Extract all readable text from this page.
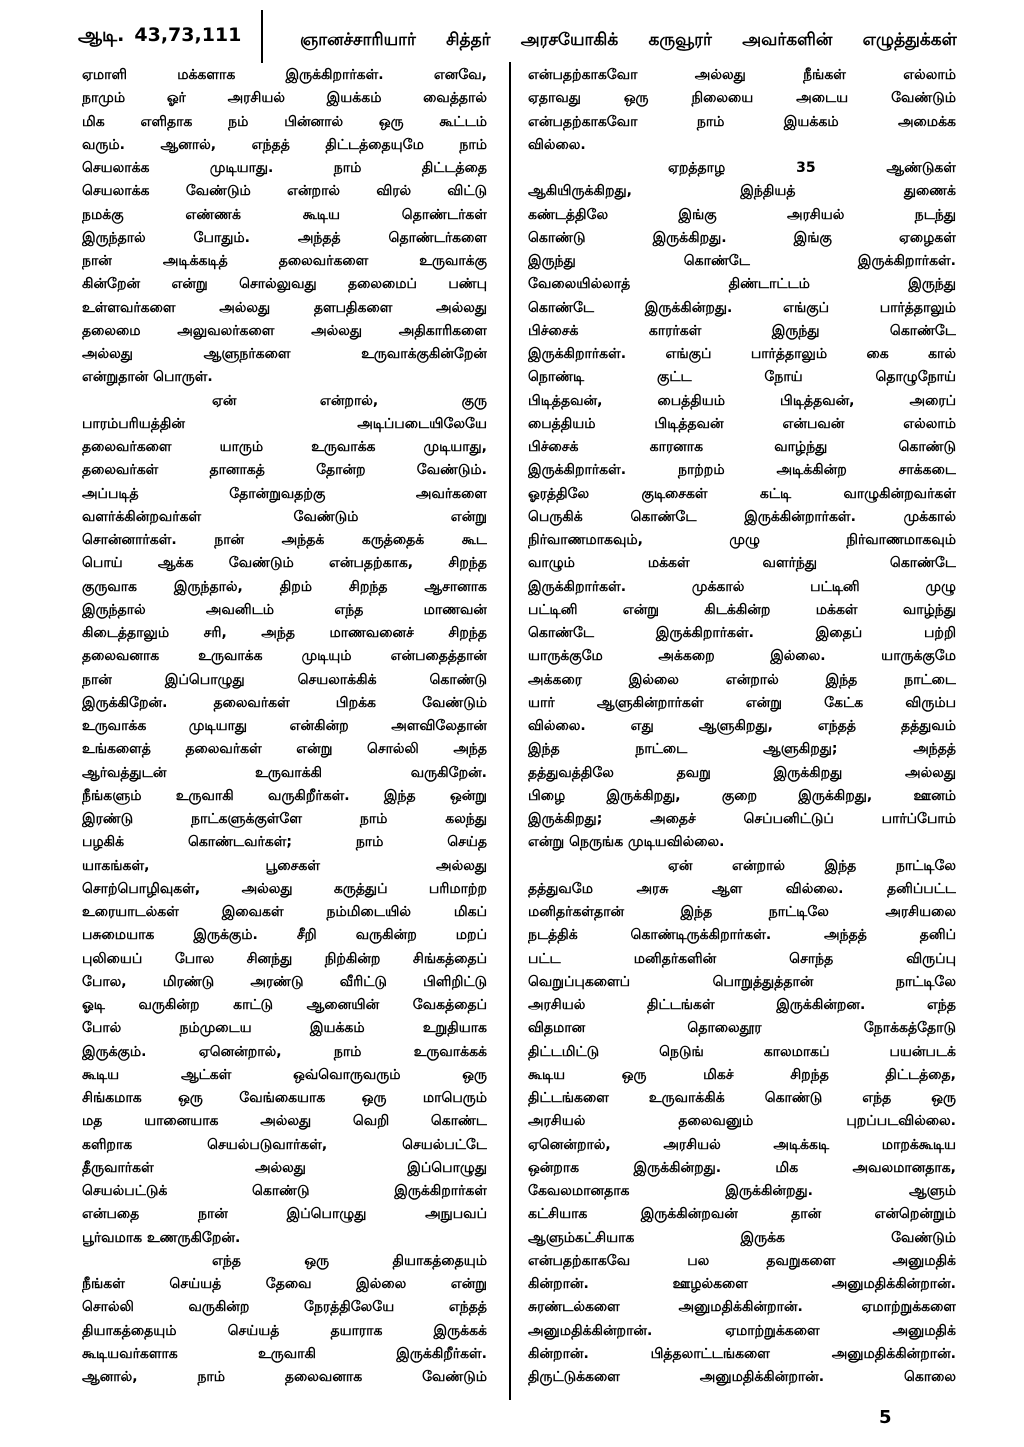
ஆடி. 43,73,111	ஞானச்சாரியார் சித்தர் அரசயோகிக் கருவூரர் அவர்களின் எழுத்துக்கள்
ஏமாளி மக்களாக இருக்கிறார்கள். எனவே,
நாமும் ஓர் அரசியல் இயக்கம் வைத்தால்
மிக எளிதாக நம் பின்னால் ஒரு கூட்டம்
வரும். ஆனால், எந்தத் திட்டத்தையுமே நாம்
செயலாக்க முடியாது. நாம் திட்டத்தை
செயலாக்க வேண்டும் என்றால் விரல் விட்டு
நமக்கு எண்ணக் கூடிய தொண்டர்கள்
இருந்தால் போதும். அந்தத் தொண்டர்களை
நான் அடிக்கடித் தலைவர்களை உருவாக்கு
கின்றேன் என்று சொல்லுவது தலைமைப் பண்பு
உள்ளவர்களை அல்லது தளபதிகளை அல்லது
தலைமை அலுவலர்களை அல்லது அதிகாரிகளை
அல்லது ஆளுநர்களை உருவாக்குகின்றேன்
என்றுதான் பொருள்.
ஏன் என்றால், குரு
பாரம்பரியத்தின் அடிப்படையிலேயே
தலைவர்களை யாரும் உருவாக்க முடியாது,
தலைவர்கள் தானாகத் தோன்ற வேண்டும்.
அப்படித் தோன்றுவதற்கு அவர்களை
வளர்க்கின்றவர்கள் வேண்டும் என்று
சொன்னார்கள். நான் அந்தக் கருத்தைக் கூட
பொய் ஆக்க வேண்டும் என்பதற்காக, சிறந்த
குருவாக இருந்தால், திறம் சிறந்த ஆசானாக
இருந்தால் அவனிடம் எந்த மாணவன்
கிடைத்தாலும் சரி, அந்த மாணவனைச் சிறந்த
தலைவனாக உருவாக்க முடியும் என்பதைத்தான்
நான் இப்பொழுது செயலாக்கிக் கொண்டு
இருக்கிறேன். தலைவர்கள் பிறக்க வேண்டும்
உருவாக்க முடியாது என்கின்ற அளவிலேதான்
உங்களைத் தலைவர்கள் என்று சொல்லி அந்த
ஆர்வத்துடன் உருவாக்கி வருகிறேன்.
நீங்களும் உருவாகி வருகிறீர்கள். இந்த ஒன்று
இரண்டு நாட்களுக்குள்ளே நாம் கலந்து
பழகிக் கொண்டவர்கள்; நாம் செய்த
யாகங்கள், பூசைகள் அல்லது
சொற்பொழிவுகள், அல்லது கருத்துப் பரிமாற்ற
உரையாடல்கள் இவைகள் நம்மிடையில் மிகப்
பசுமையாக இருக்கும். சீறி வருகின்ற மறப்
புலியைப் போல சினந்து நிற்கின்ற சிங்கத்தைப்
போல, மிரண்டு அரண்டு வீரிட்டு பிளிறிட்டு
ஓடி வருகின்ற காட்டு ஆனையின் வேகத்தைப்
போல் நம்முடைய இயக்கம் உறுதியாக
இருக்கும். ஏனென்றால், நாம் உருவாக்கக்
கூடிய ஆட்கள் ஒவ்வொருவரும் ஒரு
சிங்கமாக ஒரு வேங்கையாக ஒரு மாபெரும்
மத யானையாக அல்லது வெறி கொண்ட
களிறாக செயல்படுவார்கள், செயல்பட்டே
தீருவார்கள் அல்லது இப்பொழுது
செயல்பட்டுக் கொண்டு இருக்கிறார்கள்
என்பதை நான் இப்பொழுது அநுபவப்
பூர்வமாக உணருகிறேன்.
எந்த ஒரு தியாகத்தையும்
நீங்கள் செய்யத் தேவை இல்லை என்று
சொல்லி வருகின்ற நேரத்திலேயே எந்தத்
தியாகத்தையும் செய்யத் தயாராக இருக்கக்
கூடியவர்களாக உருவாகி இருக்கிறீர்கள்.
ஆனால், நாம் தலைவனாக வேண்டும்
என்பதற்காகவோ அல்லது நீங்கள் எல்லாம்
ஏதாவது ஒரு நிலையை அடைய வேண்டும்
என்பதற்காகவோ நாம் இயக்கம் அமைக்க
வில்லை.
ஏறத்தாழ 35 ஆண்டுகள்
ஆகியிருக்கிறது, இந்தியத் துணைக்
கண்டத்திலே இங்கு அரசியல் நடந்து
கொண்டு இருக்கிறது. இங்கு ஏழைகள்
இருந்து கொண்டே இருக்கிறார்கள்.
வேலையில்லாத் திண்டாட்டம் இருந்து
கொண்டே இருக்கின்றது. எங்குப் பார்த்தாலும்
பிச்சைக் காரர்கள் இருந்து கொண்டே
இருக்கிறார்கள். எங்குப் பார்த்தாலும் கை கால்
நொண்டி குட்ட நோய் தொழுநோய்
பிடித்தவன், பைத்தியம் பிடித்தவன், அரைப்
பைத்தியம் பிடித்தவன் என்பவன் எல்லாம்
பிச்சைக் காரனாக வாழ்ந்து கொண்டு
இருக்கிறார்கள். நாற்றம் அடிக்கின்ற சாக்கடை
ஓரத்திலே குடிசைகள் கட்டி வாழுகின்றவர்கள்
பெருகிக் கொண்டே இருக்கின்றார்கள். முக்கால்
நிர்வாணமாகவும், முழு நிர்வாணமாகவும்
வாழும் மக்கள் வளர்ந்து கொண்டே
இருக்கிறார்கள். முக்கால் பட்டினி முழு
பட்டினி என்று கிடக்கின்ற மக்கள் வாழ்ந்து
கொண்டே இருக்கிறார்கள். இதைப் பற்றி
யாருக்குமே அக்கறை இல்லை. யாருக்குமே
அக்கரை இல்லை என்றால் இந்த நாட்டை
யார் ஆளுகின்றார்கள் என்று கேட்க விரும்ப
வில்லை. எது ஆளுகிறது, எந்தத் தத்துவம்
இந்த நாட்டை ஆளுகிறது; அந்தத்
தத்துவத்திலே தவறு இருக்கிறது அல்லது
பிழை இருக்கிறது, குறை இருக்கிறது, ஊனம்
இருக்கிறது; அதைச் செப்பனிட்டுப் பார்ப்போம்
என்று நெருங்க முடியவில்லை.
ஏன் என்றால் இந்த நாட்டிலே
தத்துவமே அரசு ஆள வில்லை. தனிப்பட்ட
மனிதர்கள்தான் இந்த நாட்டிலே அரசியலை
நடத்திக் கொண்டிருக்கிறார்கள். அந்தத் தனிப்
பட்ட மனிதர்களின் சொந்த விருப்பு
வெறுப்புகளைப் பொறுத்துத்தான் நாட்டிலே
அரசியல் திட்டங்கள் இருக்கின்றன. எந்த
விதமான தொலைதூர நோக்கத்தோடு
திட்டமிட்டு நெடுங் காலமாகப் பயன்படக்
கூடிய ஒரு மிகச் சிறந்த திட்டத்தை,
திட்டங்களை உருவாக்கிக் கொண்டு எந்த ஒரு
அரசியல் தலைவனும் புறப்படவில்லை.
ஏனென்றால், அரசியல் அடிக்கடி மாறக்கூடிய
ஒன்றாக இருக்கின்றது. மிக அவலமானதாக,
கேவலமானதாக இருக்கின்றது. ஆளும்
கட்சியாக இருக்கின்றவன் தான் என்றென்றும்
ஆளும்கட்சியாக இருக்க வேண்டும்
என்பதற்காகவே பல தவறுகளை அனுமதிக்
கின்றான். ஊழல்களை அனுமதிக்கின்றான்.
சுரண்டல்களை அனுமதிக்கின்றான். ஏமாற்றுக்களை
அனுமதிக்கின்றான். ஏமாற்றுக்களை அனுமதிக்
கின்றான். பித்தலாட்டங்களை அனுமதிக்கின்றான்.
திருட்டுக்களை அனுமதிக்கின்றான். கொலை
5
